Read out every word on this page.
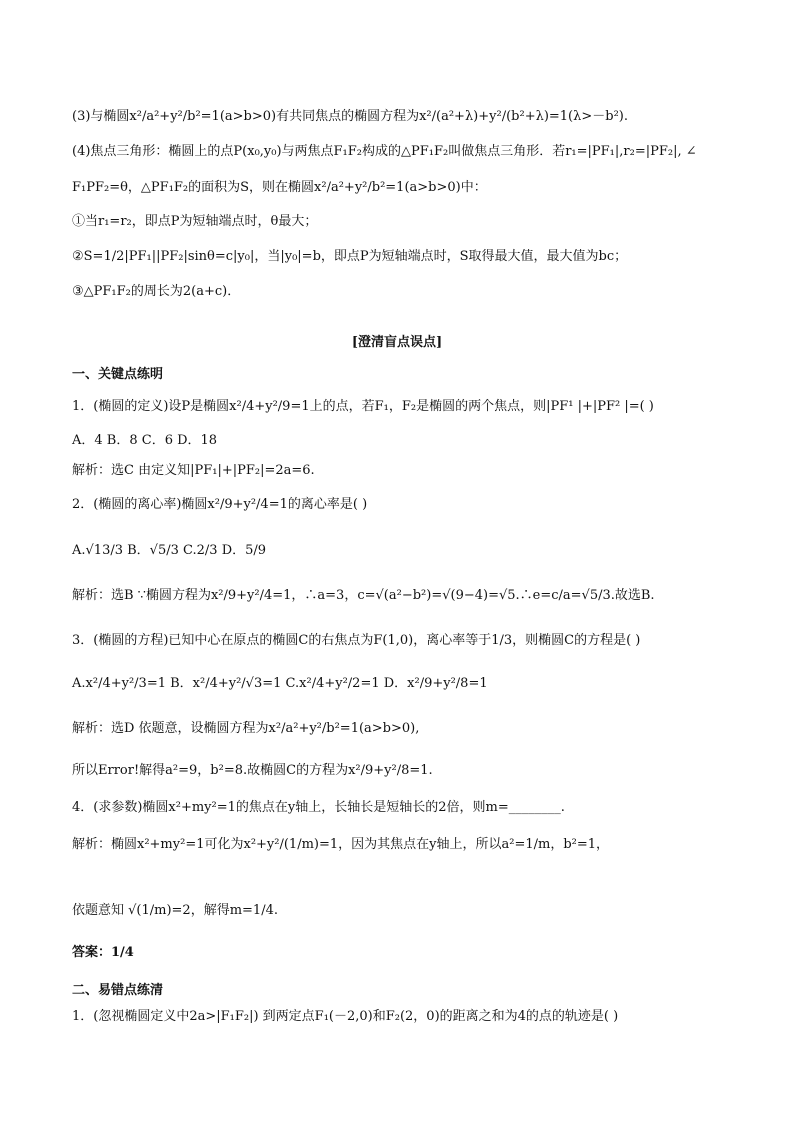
(3)与椭圆x²/a²+y²/b²=1(a>b>0)有共同焦点的椭圆方程为x²/(a²+λ)+y²/(b²+λ)=1(λ>－b²).
(4)焦点三角形：椭圆上的点P(x₀,y₀)与两焦点F₁F₂构成的△PF₁F₂叫做焦点三角形．若r₁=|PF₁|,r₂=|PF₂|, ∠
F₁PF₂=θ，△PF₁F₂的面积为S，则在椭圆x²/a²+y²/b²=1(a>b>0)中：
①当r₁=r₂，即点P为短轴端点时，θ最大；
②S=1/2|PF₁||PF₂|sinθ=c|y₀|，当|y₀|=b，即点P为短轴端点时，S取得最大值，最大值为bc；
③△PF₁F₂的周长为2(a+c)．
[澄清盲点误点]
一、关键点练明
1．(椭圆的定义)设P是椭圆x²/4+y²/9=1上的点，若F₁，F₂是椭圆的两个焦点，则|PF¹ |+|PF² |=( )
A．4 B．8 C．6 D．18
解析：选C 由定义知|PF₁|+|PF₂|=2a=6.
2．(椭圆的离心率)椭圆x²/9+y²/4=1的离心率是( )
A.√13/3 B．√5/3 C.2/3 D．5/9
解析：选B ∵椭圆方程为x²/9+y²/4=1，∴a=3，c=√(a²−b²)=√(9−4)=√5.∴e=c/a=√5/3.故选B.
3．(椭圆的方程)已知中心在原点的椭圆C的右焦点为F(1,0)，离心率等于1/3，则椭圆C的方程是( )
A.x²/4+y²/3=1 B．x²/4+y²/√3=1 C.x²/4+y²/2=1 D．x²/9+y²/8=1
解析：选D 依题意，设椭圆方程为x²/a²+y²/b²=1(a>b>0),
所以Error!解得a²=9，b²=8.故椭圆C的方程为x²/9+y²/8=1.
4．(求参数)椭圆x²+my²=1的焦点在y轴上，长轴长是短轴长的2倍，则m=________.
解析：椭圆x²+my²=1可化为x²+y²/(1/m)=1，因为其焦点在y轴上，所以a²=1/m，b²=1，
依题意知 √(1/m)=2，解得m=1/4.
答案：1/4
二、易错点练清
1．(忽视椭圆定义中2a>|F₁F₂|) 到两定点F₁(－2,0)和F₂(2，0)的距离之和为4的点的轨迹是( )
